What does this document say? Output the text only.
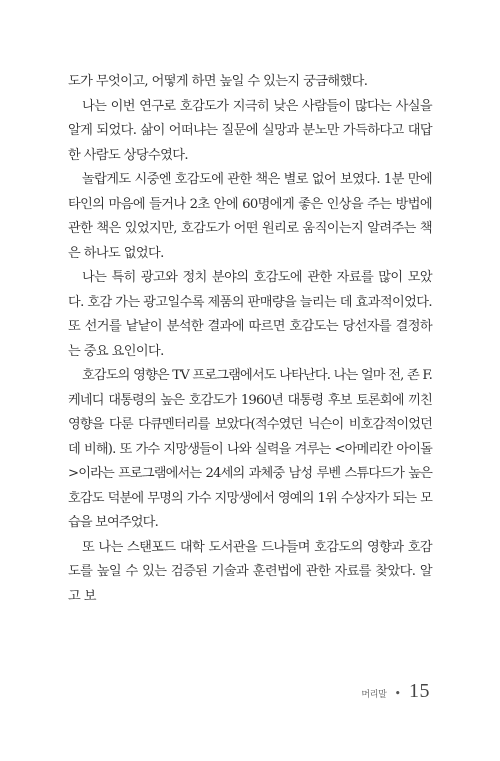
도가 무엇이고, 어떻게 하면 높일 수 있는지 궁금해했다.

나는 이번 연구로 호감도가 지극히 낮은 사람들이 많다는 사실을 알게 되었다. 삶이 어떠냐는 질문에 실망과 분노만 가득하다고 대답한 사람도 상당수였다.

놀랍게도 시중엔 호감도에 관한 책은 별로 없어 보였다. 1분 만에 타인의 마음에 들거나 2초 안에 60명에게 좋은 인상을 주는 방법에 관한 책은 있었지만, 호감도가 어떤 원리로 움직이는지 알려주는 책은 하나도 없었다.

나는 특히 광고와 정치 분야의 호감도에 관한 자료를 많이 모았다. 호감 가는 광고일수록 제품의 판매량을 늘리는 데 효과적이었다. 또 선거를 낱낱이 분석한 결과에 따르면 호감도는 당선자를 결정하는 중요 요인이다.

호감도의 영향은 TV 프로그램에서도 나타난다. 나는 얼마 전, 존 F. 케네디 대통령의 높은 호감도가 1960년 대통령 후보 토론회에 끼친 영향을 다룬 다큐멘터리를 보았다(적수였던 닉슨이 비호감적이었던 데 비해). 또 가수 지망생들이 나와 실력을 겨루는 <아메리칸 아이돌>이라는 프로그램에서는 24세의 과체중 남성 루벤 스튜다드가 높은 호감도 덕분에 무명의 가수 지망생에서 영예의 1위 수상자가 되는 모습을 보여주었다.

또 나는 스탠포드 대학 도서관을 드나들며 호감도의 영향과 호감도를 높일 수 있는 검증된 기술과 훈련법에 관한 자료를 찾았다. 알고 보

머리말 • 15
